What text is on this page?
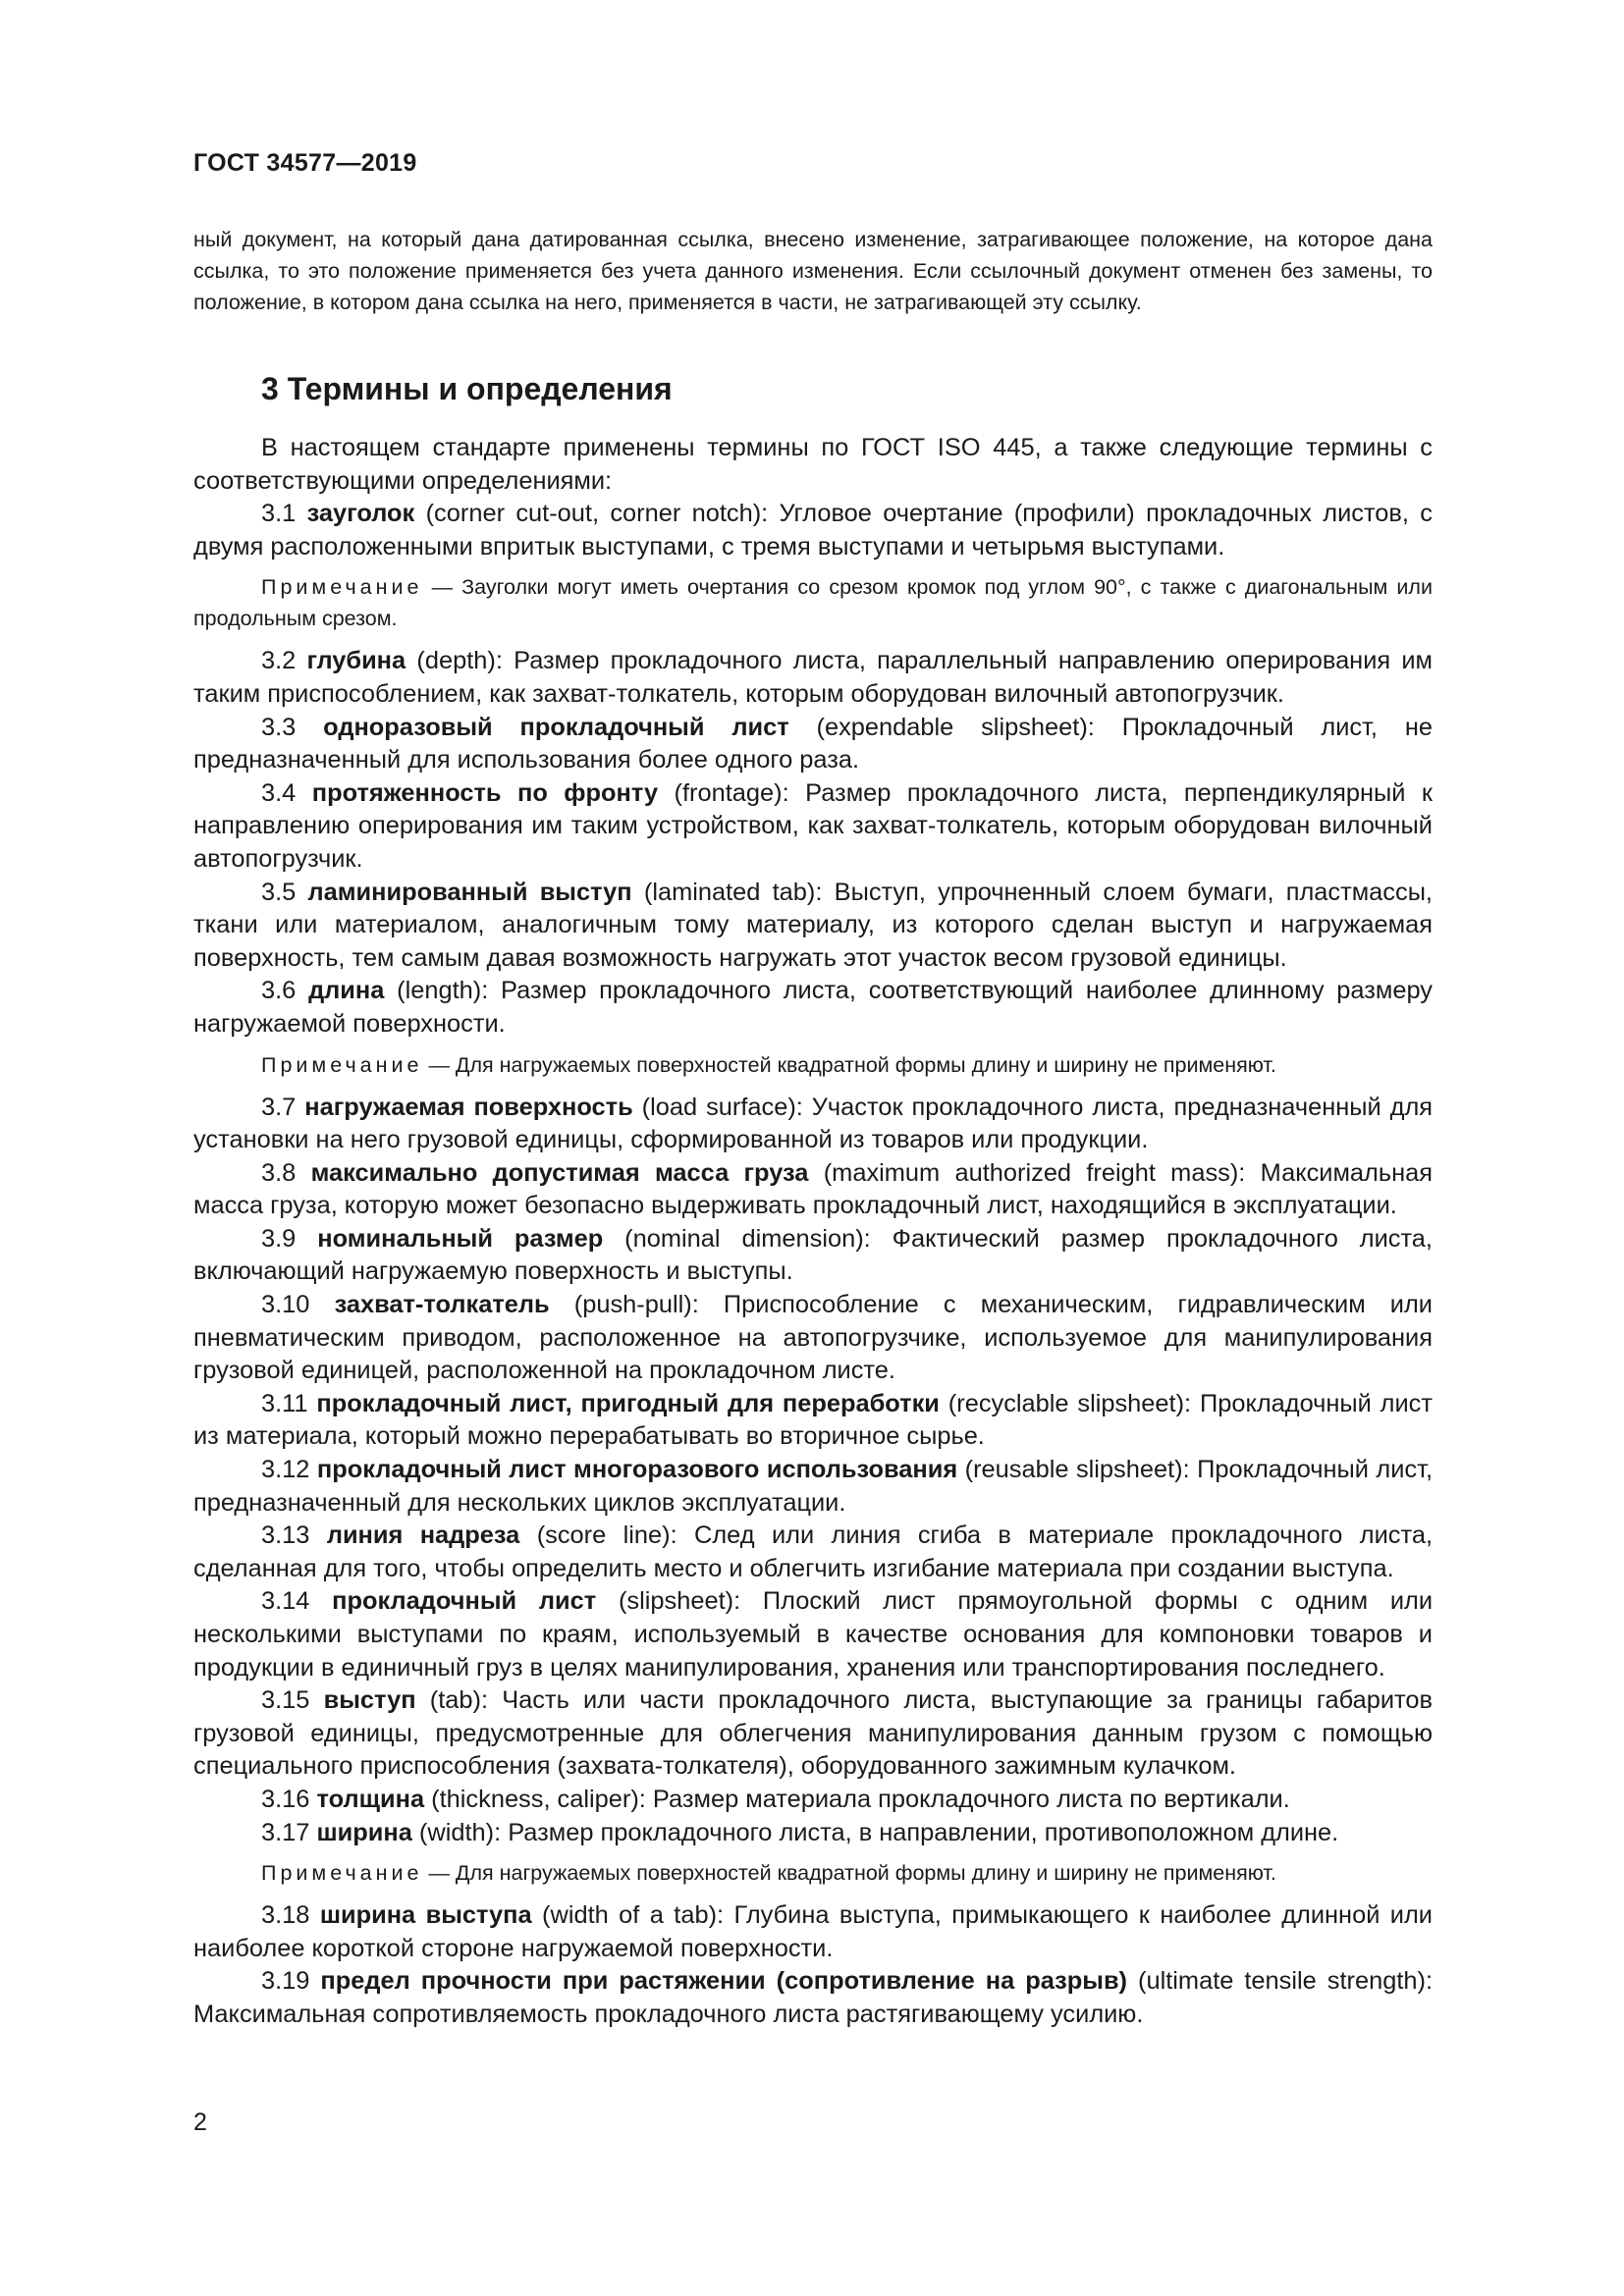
ГОСТ 34577—2019
ный документ, на который дана датированная ссылка, внесено изменение, затрагивающее положение, на которое дана ссылка, то это положение применяется без учета данного изменения. Если ссылочный документ отменен без замены, то положение, в котором дана ссылка на него, применяется в части, не затрагивающей эту ссылку.
3 Термины и определения

В настоящем стандарте применены термины по ГОСТ ISO 445, а также следующие термины с соответствующими определениями:

3.1 зауголок (corner cut-out, corner notch): Угловое очертание (профили) прокладочных листов, с двумя расположенными впритык выступами, с тремя выступами и четырьмя выступами.

Примечание — Зауголки могут иметь очертания со срезом кромок под углом 90°, с также с диагональным или продольным срезом.

3.2 глубина (depth): Размер прокладочного листа, параллельный направлению оперирования им таким приспособлением, как захват-толкатель, которым оборудован вилочный автопогрузчик.

3.3 одноразовый прокладочный лист (expendable slipsheet): Прокладочный лист, не предназначенный для использования более одного раза.

3.4 протяженность по фронту (frontage): Размер прокладочного листа, перпендикулярный к направлению оперирования им таким устройством, как захват-толкатель, которым оборудован вилочный автопогрузчик.

3.5 ламинированный выступ (laminated tab): Выступ, упрочненный слоем бумаги, пластмассы, ткани или материалом, аналогичным тому материалу, из которого сделан выступ и нагружаемая поверхность, тем самым давая возможность нагружать этот участок весом грузовой единицы.

3.6 длина (length): Размер прокладочного листа, соответствующий наиболее длинному размеру нагружаемой поверхности.

Примечание — Для нагружаемых поверхностей квадратной формы длину и ширину не применяют.

3.7 нагружаемая поверхность (load surface): Участок прокладочного листа, предназначенный для установки на него грузовой единицы, сформированной из товаров или продукции.

3.8 максимально допустимая масса груза (maximum authorized freight mass): Максимальная масса груза, которую может безопасно выдерживать прокладочный лист, находящийся в эксплуатации.

3.9 номинальный размер (nominal dimension): Фактический размер прокладочного листа, включающий нагружаемую поверхность и выступы.

3.10 захват-толкатель (push-pull): Приспособление с механическим, гидравлическим или пневматическим приводом, расположенное на автопогрузчике, используемое для манипулирования грузовой единицей, расположенной на прокладочном листе.

3.11 прокладочный лист, пригодный для переработки (recyclable slipsheet): Прокладочный лист из материала, который можно перерабатывать во вторичное сырье.

3.12 прокладочный лист многоразового использования (reusable slipsheet): Прокладочный лист, предназначенный для нескольких циклов эксплуатации.

3.13 линия надреза (score line): След или линия сгиба в материале прокладочного листа, сделанная для того, чтобы определить место и облегчить изгибание материала при создании выступа.

3.14 прокладочный лист (slipsheet): Плоский лист прямоугольной формы с одним или несколькими выступами по краям, используемый в качестве основания для компоновки товаров и продукции в единичный груз в целях манипулирования, хранения или транспортирования последнего.

3.15 выступ (tab): Часть или части прокладочного листа, выступающие за границы габаритов грузовой единицы, предусмотренные для облегчения манипулирования данным грузом с помощью специального приспособления (захвата-толкателя), оборудованного зажимным кулачком.

3.16 толщина (thickness, caliper): Размер материала прокладочного листа по вертикали.

3.17 ширина (width): Размер прокладочного листа, в направлении, противоположном длине.

Примечание — Для нагружаемых поверхностей квадратной формы длину и ширину не применяют.

3.18 ширина выступа (width of a tab): Глубина выступа, примыкающего к наиболее длинной или наиболее короткой стороне нагружаемой поверхности.

3.19 предел прочности при растяжении (сопротивление на разрыв) (ultimate tensile strength): Максимальная сопротивляемость прокладочного листа растягивающему усилию.

2
